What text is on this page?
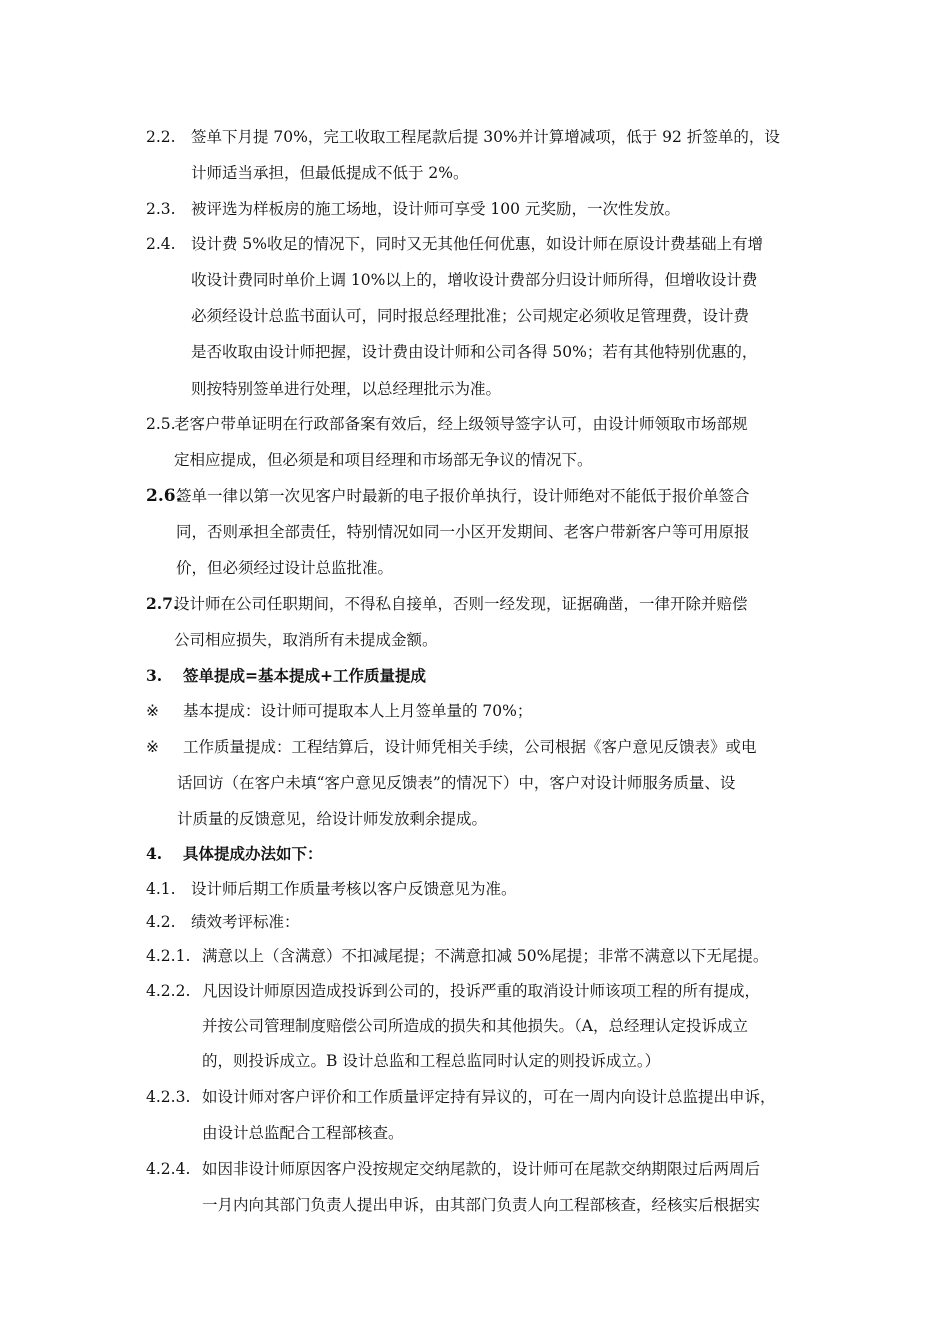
2.2. 签单下月提 70%，完工收取工程尾款后提 30%并计算增减项，低于 92 折签单的，设
计师适当承担，但最低提成不低于 2%。
2.3. 被评选为样板房的施工场地，设计师可享受 100 元奖励，一次性发放。
2.4. 设计费 5%收足的情况下，同时又无其他任何优惠，如设计师在原设计费基础上有增
收设计费同时单价上调 10%以上的，增收设计费部分归设计师所得，但增收设计费
必须经设计总监书面认可，同时报总经理批准；公司规定必须收足管理费，设计费
是否收取由设计师把握，设计费由设计师和公司各得 50%；若有其他特别优惠的，
则按特别签单进行处理，以总经理批示为准。
2.5.
老客户带单证明在行政部备案有效后，经上级领导签字认可，由设计师领取市场部规
定相应提成，但必须是和项目经理和市场部无争议的情况下。
2.6.
签单一律以第一次见客户时最新的电子报价单执行，设计师绝对不能低于报价单签合
同，否则承担全部责任，特别情况如同一小区开发期间、老客户带新客户等可用原报
价，但必须经过设计总监批准。
2.7.
设计师在公司任职期间，不得私自接单，否则一经发现，证据确凿，一律开除并赔偿
公司相应损失，取消所有未提成金额。
3. 签单提成=基本提成+工作质量提成
※ 基本提成：设计师可提取本人上月签单量的 70%；
※ 工作质量提成：工程结算后，设计师凭相关手续，公司根据《客户意见反馈表》或电
话回访（在客户未填“客户意见反馈表”的情况下）中，客户对设计师服务质量、设
计质量的反馈意见，给设计师发放剩余提成。
4. 具体提成办法如下：
4.1. 设计师后期工作质量考核以客户反馈意见为准。
4.2. 绩效考评标准：
4.2.1. 满意以上（含满意）不扣减尾提；不满意扣减 50%尾提；非常不满意以下无尾提。
4.2.2. 凡因设计师原因造成投诉到公司的，投诉严重的取消设计师该项工程的所有提成，
并按公司管理制度赔偿公司所造成的损失和其他损失。（A，总经理认定投诉成立
的，则投诉成立。B 设计总监和工程总监同时认定的则投诉成立。）
4.2.3. 如设计师对客户评价和工作质量评定持有异议的，可在一周内向设计总监提出申诉，
由设计总监配合工程部核查。
4.2.4. 如因非设计师原因客户没按规定交纳尾款的，设计师可在尾款交纳期限过后两周后
一月内向其部门负责人提出申诉，由其部门负责人向工程部核查，经核实后根据实
